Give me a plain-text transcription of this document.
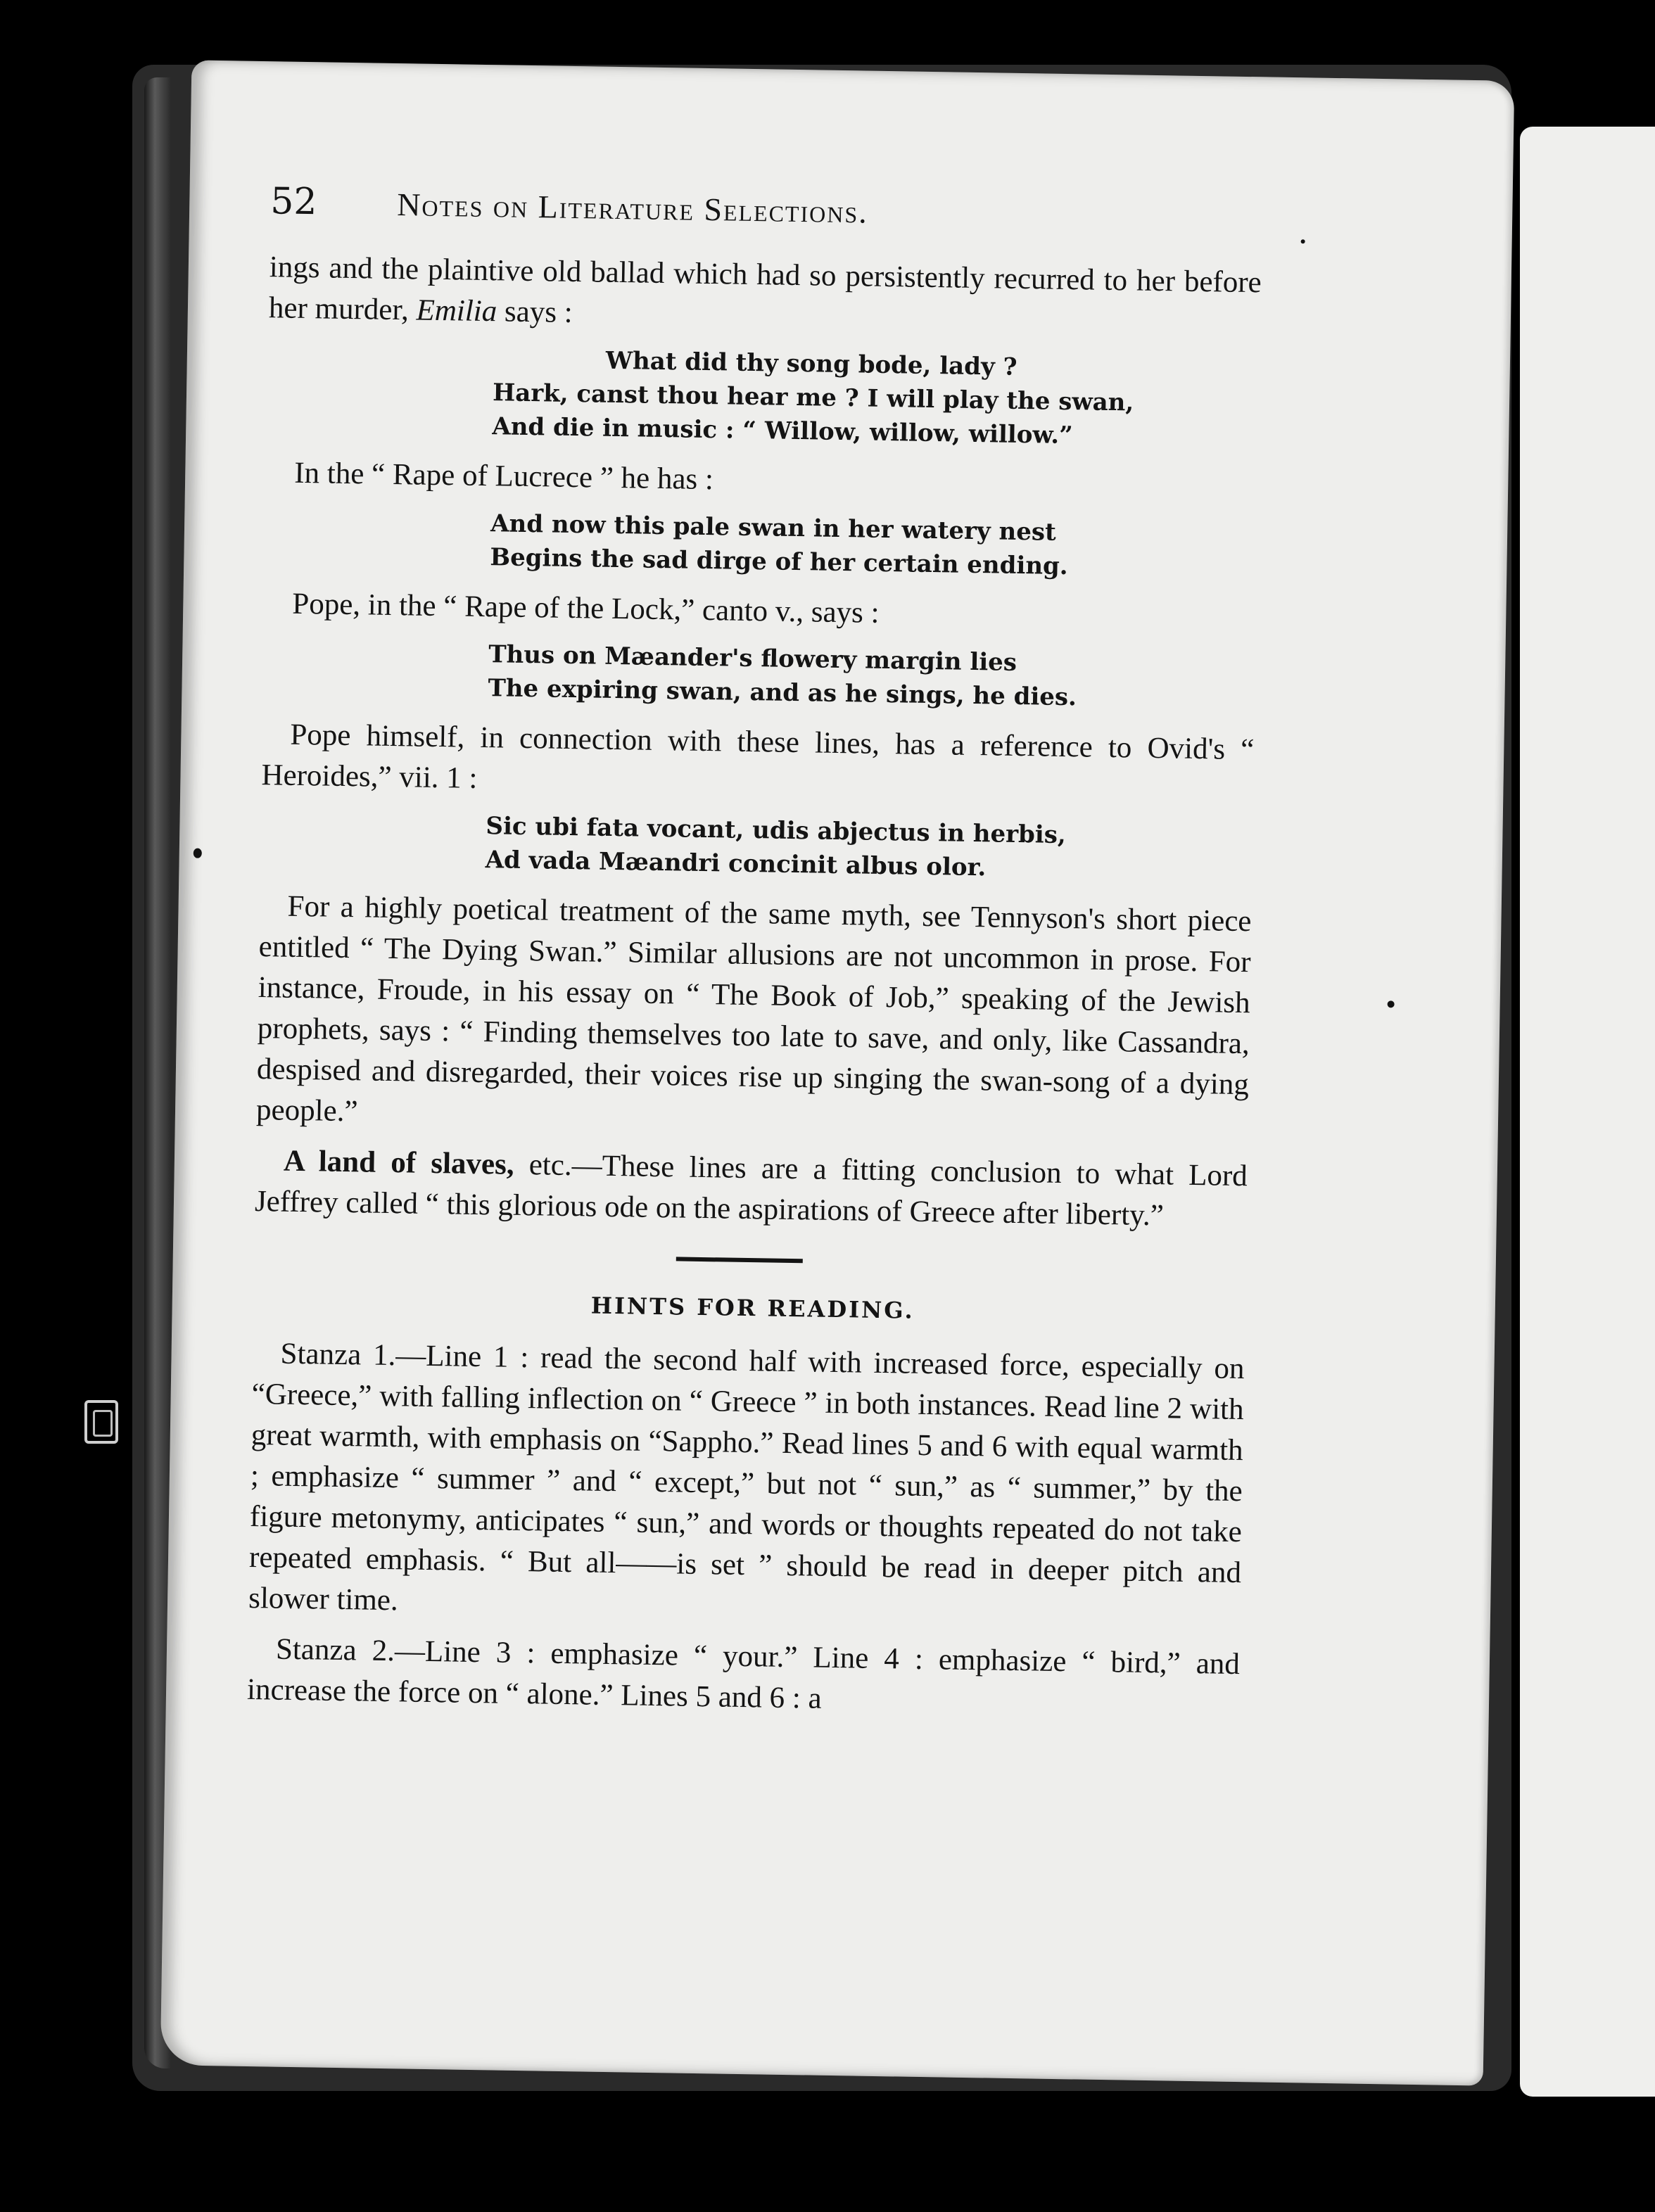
52	Notes on Literature Selections.

ings and the plaintive old ballad which had so persistently recurred to her before her murder, Emilia says :

What did thy song bode, lady ?
Hark, canst thou hear me ? I will play the swan,
And die in music : “ Willow, willow, willow.”

In the “ Rape of Lucrece ” he has :

And now this pale swan in her watery nest
Begins the sad dirge of her certain ending.

Pope, in the “ Rape of the Lock,” canto v., says :

Thus on Mæander's flowery margin lies
The expiring swan, and as he sings, he dies.

Pope himself, in connection with these lines, has a reference to Ovid's “ Heroides,” vii. 1 :

Sic ubi fata vocant, udis abjectus in herbis,
Ad vada Mæandri concinit albus olor.

For a highly poetical treatment of the same myth, see Tennyson's short piece entitled “ The Dying Swan.” Similar allusions are not uncommon in prose. For instance, Froude, in his essay on “ The Book of Job,” speaking of the Jewish prophets, says : “ Finding themselves too late to save, and only, like Cassandra, despised and disregarded, their voices rise up singing the swan-song of a dying people.”

A land of slaves, etc.—These lines are a fitting conclusion to what Lord Jeffrey called “ this glorious ode on the aspirations of Greece after liberty.”

HINTS FOR READING.

Stanza 1.—Line 1 : read the second half with increased force, especially on “Greece,” with falling inflection on “ Greece ” in both instances. Read line 2 with great warmth, with emphasis on “Sappho.” Read lines 5 and 6 with equal warmth ; emphasize “ summer ” and “ except,” but not “ sun,” as “ summer,” by the figure metonymy, anticipates “ sun,” and words or thoughts repeated do not take repeated emphasis. “ But all——is set ” should be read in deeper pitch and slower time.

Stanza 2.—Line 3 : emphasize “ your.” Line 4 : emphasize “ bird,” and increase the force on “ alone.” Lines 5 and 6 : a
